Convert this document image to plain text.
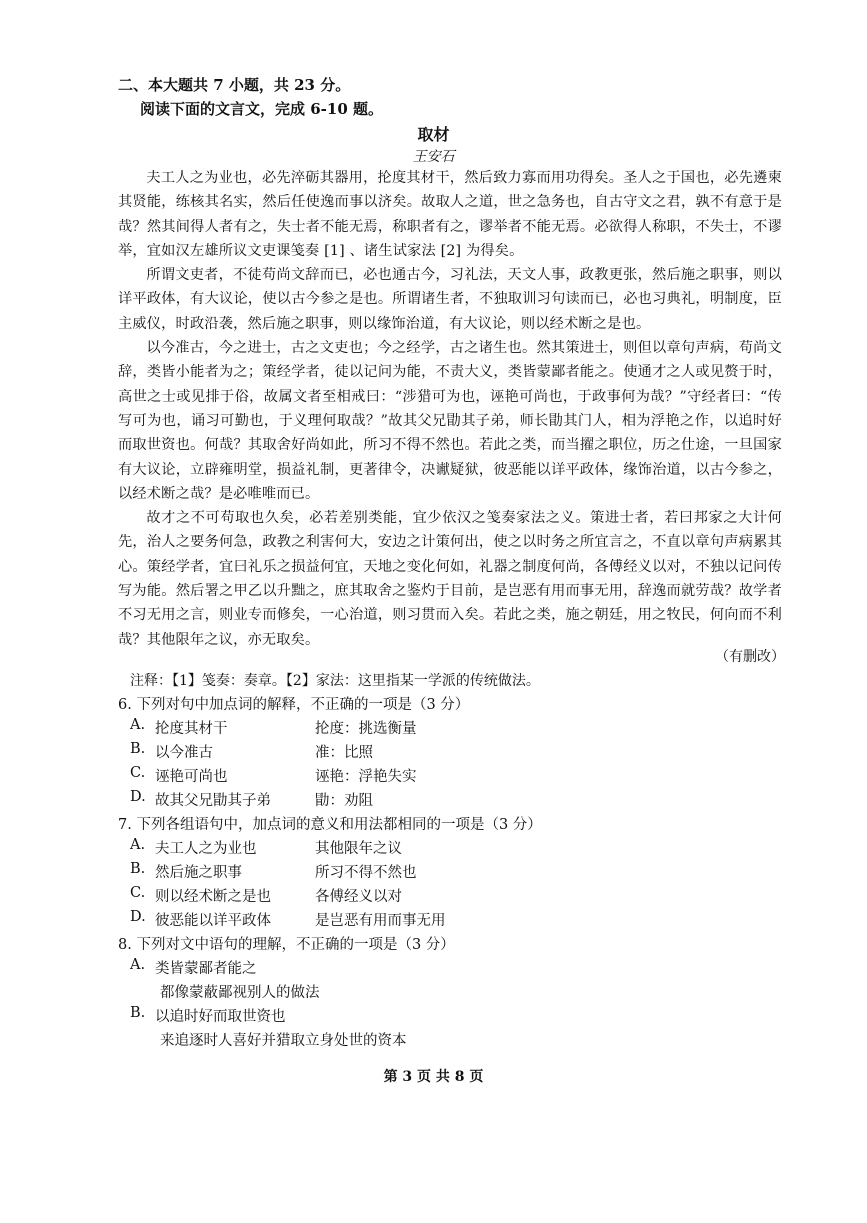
二、本大题共 7 小题，共 23 分。
阅读下面的文言文，完成 6-10 题。
取材
王安石

夫工人之为业也，必先淬砺其器用，抡度其材干，然后致力寡而用功得矣。圣人之于国也，必先遴柬其贤能，练核其名实，然后任使逸而事以济矣。故取人之道，世之急务也，自古守文之君，孰不有意于是哉？然其间得人者有之，失士者不能无焉，称职者有之，谬举者不能无焉。必欲得人称职，不失士，不谬举，宜如汉左雄所议文吏课笺奏 [1] 、诸生试家法 [2] 为得矣。

所谓文吏者，不徒苟尚文辞而已，必也通古今，习礼法，天文人事，政教更张，然后施之职事，则以详平政体，有大议论，使以古今参之是也。所谓诸生者，不独取训习句读而已，必也习典礼，明制度，臣主威仪，时政沿袭，然后施之职事，则以缘饰治道，有大议论，则以经术断之是也。

以今准古，今之进士，古之文吏也；今之经学，古之诸生也。然其策进士，则但以章句声病，苟尚文辞，类皆小能者为之；策经学者，徒以记问为能，不责大义，类皆蒙鄙者能之。使通才之人或见赘于时，高世之士或见排于俗，故属文者至相戒曰：“涉猎可为也，诬艳可尚也，于政事何为哉？”守经者曰：“传写可为也，诵习可勤也，于义理何取哉？”故其父兄勖其子弟，师长勖其门人，相为浮艳之作，以追时好而取世资也。何哉？其取舍好尚如此，所习不得不然也。若此之类，而当擢之职位，历之仕途，一旦国家有大议论，立辟雍明堂，损益礼制，更著律令，决谳疑狱，彼恶能以详平政体，缘饰治道，以古今参之，以经术断之哉？是必唯唯而已。

故才之不可苟取也久矣，必若差别类能，宜少依汉之笺奏家法之义。策进士者，若曰邦家之大计何先，治人之要务何急，政教之利害何大，安边之计策何出，使之以时务之所宜言之，不直以章句声病累其心。策经学者，宜曰礼乐之损益何宜，天地之变化何如，礼器之制度何尚，各傅经义以对，不独以记问传写为能。然后署之甲乙以升黜之，庶其取舍之鉴灼于目前，是岂恶有用而事无用，辞逸而就劳哉？故学者不习无用之言，则业专而修矣，一心治道，则习贯而入矣。若此之类，施之朝廷，用之牧民，何向而不利哉？其他限年之议，亦无取矣。

（有删改）
注释：【1】笺奏：奏章。【2】家法：这里指某一学派的传统做法。
6. 下列对句中加点词的解释，不正确的一项是（3 分）
A. 抡度其材干	抡度：挑选衡量
B. 以今准古	准：比照
C. 诬艳可尚也	诬艳：浮艳失实
D. 故其父兄勖其子弟	勖：劝阻
7. 下列各组语句中，加点词的意义和用法都相同的一项是（3 分）
A. 夫工人之为业也	其他限年之议
B. 然后施之职事	所习不得不然也
C. 则以经术断之是也	各傅经义以对
D. 彼恶能以详平政体	是岂恶有用而事无用
8. 下列对文中语句的理解，不正确的一项是（3 分）
A. 类皆蒙鄙者能之
都像蒙蔽鄙视别人的做法
B. 以追时好而取世资也
来追逐时人喜好并猎取立身处世的资本
第 3 页 共 8 页
